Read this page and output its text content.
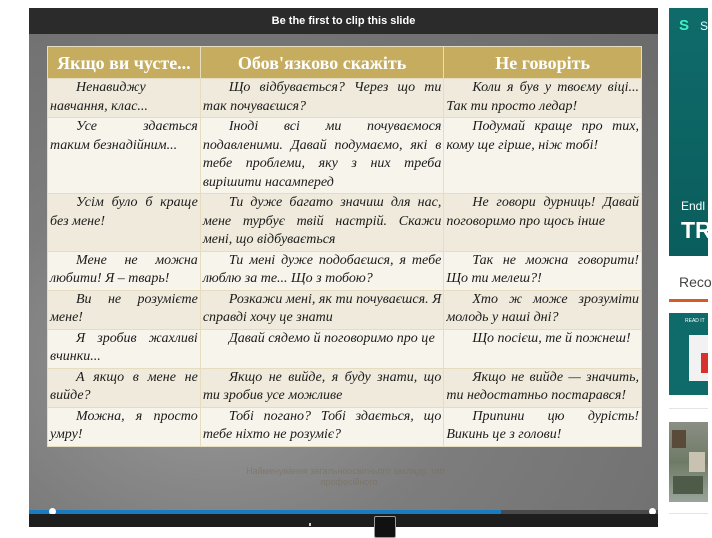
Be the first to clip this slide
Якщо ви чусте...	Обов'язково скажіть	Не говоріть
Ненавиджу навчання, клас...	Що відбувається? Через що ти так почуваєшся?	Коли я був у твоєму віці... Так ти просто ледар!
Усе здається таким безнадійним...	Іноді всі ми почуваємося подавленими. Давай подумаємо, які в тебе проблеми, яку з них треба вирішити насамперед	Подумай краще про тих, кому ще гірше, ніж тобі!
Усім було б краще без мене!	Ти дуже багато значиш для нас, мене турбує твій настрій. Скажи мені, що відбувається	Не говори дурниць! Давай поговоримо про щось інше
Мене не можна любити! Я – тварь!	Ти мені дуже подобаєшся, я тебе люблю за те... Що з тобою?	Так не можна говорити! Що ти мелеш?!
Ви не розумієте мене!	Розкажи мені, як ти почуваєшся. Я справді хочу це знати	Хто ж може зрозуміти молодь у наші дні?
Я зробив жахливі вчинки...	Давай сядемо й поговоримо про це	Що посієш, те й пожнеш!
А якщо в мене не вийде?	Якщо не вийде, я буду знати, що ти зробив усе можливе	Якщо не вийде — значить, ти недостатньо постарався!
Можна, я просто умру!	Тобі погано? Тобі здається, що тебе ніхто не розуміє?	Припини цю дурість! Викинь це з голови!
Найменування загальноосвітнього закладу, тип... професійного
S S
Endl
TR
Reco
READ IT
